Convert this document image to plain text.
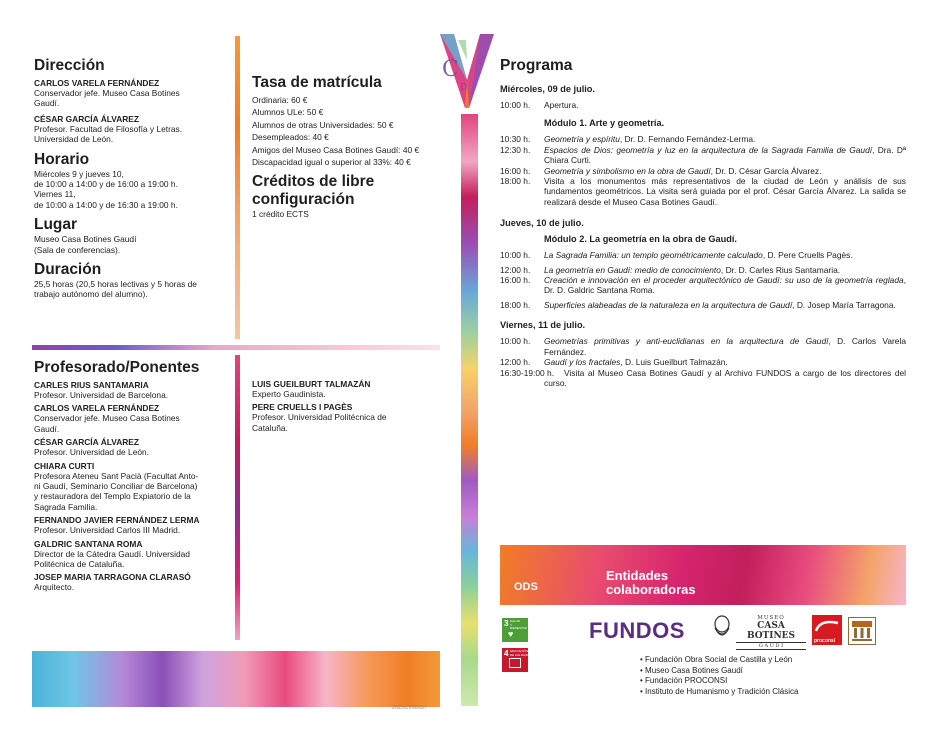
C
D
Dirección
CARLOS VARELA FERNÁNDEZ
Conservador jefe. Museo Casa Botines
Gaudí.
CÉSAR GARCÍA ÁLVAREZ
Profesor. Facultad de Filosofía y Letras.
Universidad de León.
Horario
Miércoles 9 y jueves 10,
de 10:00 a 14:00 y de 16:00 a 19:00 h.
Viernes 11,
de 10:00 a 14:00 y de 16:30 a 19:00 h.
Lugar
Museo Casa Botines Gaudí
(Sala de conferencias).
Duración
25,5 horas (20,5 horas lectivas y 5 horas de
trabajo autónomo del alumno).
Tasa de matrícula
Ordinaria: 60 €
Alumnos ULe: 50 €
Alumnos de otras Universidades: 50 €
Desempleados: 40 €
Amigos del Museo Casa Botines Gaudí: 40 €
Discapacidad igual o superior al 33%: 40 €
Créditos de libre
configuración
1 crédito ECTS
Profesorado/Ponentes
CARLES RIUS SANTAMARIA
Profesor. Universidad de Barcelona.
CARLOS VARELA FERNÁNDEZ
Conservador jefe. Museo Casa Botines
Gaudí.
CÉSAR GARCÍA ÁLVAREZ
Profesor. Universidad de León.
CHIARA CURTI
Profesora Ateneu Sant Pacià (Facultat Anto-
ni Gaudí, Seminario Conciliar de Barcelona)
y restauradora del Templo Expiatorio de la
Sagrada Familia.
FERNANDO JAVIER FERNÁNDEZ LERMA
Profesor. Universidad Carlos III Madrid.
GALDRIC SANTANA ROMA
Director de la Cátedra Gaudí. Universidad
Politécnica de Cataluña.
JOSEP MARIA TARRAGONA CLARASÓ
Arquitecto.
LUIS GUEILBURT TALMAZÁN
Experto Gaudinista.
PERE CRUELLS I PAGÈS
Profesor. Universidad Politécnica de
Cataluña.
2025CV00057
Programa
Miércoles, 09 de julio.
10:00 h.	Apertura.
Módulo 1. Arte y geometría.
10:30 h.	Geometría y espíritu, Dr. D. Fernando Fernández-Lerma.
12:30 h.	Espacios de Dios: geometría y luz en la arquitectura de la Sagrada Familia de Gaudí, Dra. Dª Chiara Curti.
16:00 h.	Geometría y simbolismo en la obra de Gaudí, Dr. D. César García Álvarez.
18:00 h.	Visita a los monumentos más representativos de la ciudad de León y análisis de sus fundamentos geométricos. La visita será guiada por el prof. César García Álvarez. La salida se realizará desde el Museo Casa Botines Gaudí.
Jueves, 10 de julio.
Módulo 2. La geometría en la obra de Gaudí.
10:00 h.	La Sagrada Familia: un templo geométricamente calculado, D. Pere Cruells Pagès.
12:00 h.	La geometría en Gaudí: medio de conocimiento, Dr. D. Carles Rius Santamaria.
16:00 h.	Creación e innovación en el proceder arquitectónico de Gaudí: su uso de la geometría reglada, Dr. D. Galdric Santana Roma.
18:00 h.	Superficies alabeadas de la naturaleza en la arquitectura de Gaudí, D. Josep María Tarragona.
Viernes, 11 de julio.
10:00 h.	Geometrías primitivas y anti-euclidianas en la arquitectura de Gaudí, D. Carlos Varela Fernández.
12:00 h.	Gaudí y los fractales, D. Luis Gueilburt Talmazán.
16:30-19:00 h.	Visita al Museo Casa Botines Gaudí y al Archivo FUNDOS a cargo de los directores del curso.
ODS
Entidades
colaboradoras
3 SALUD
Y BIENESTAR
♥
4 EDUCACIÓN
DE CALIDAD
FUNDOS	MUSEO
CASA BOTINES
G A U D Í
proconsi
• Fundación Obra Social de Castilla y León
• Museo Casa Botines Gaudí
• Fundación PROCONSI
• Instituto de Humanismo y Tradición Clásica
